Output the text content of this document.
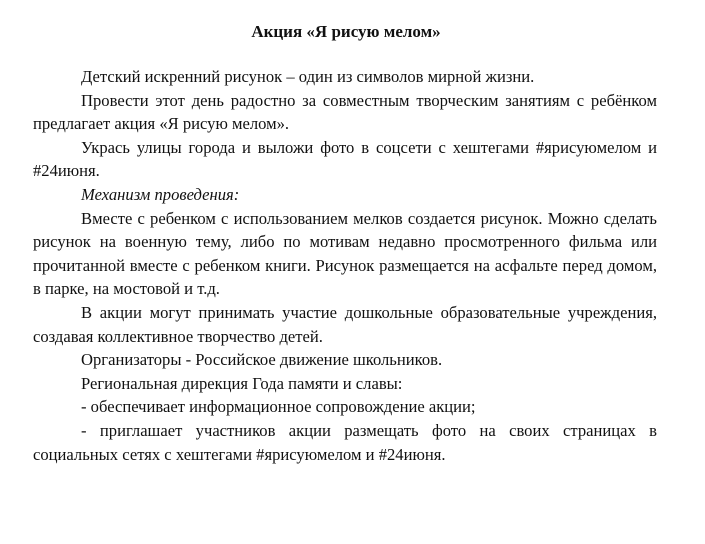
Акция «Я рисую мелом»

Детский искренний рисунок – один из символов мирной жизни.

Провести этот день радостно за совместным творческим занятиям с ребёнком предлагает акция «Я рисую мелом».

Укрась улицы города и выложи фото в соцсети с хештегами #ярисуюмелом и #24июня.

Механизм проведения:

Вместе с ребенком с использованием мелков создается рисунок. Можно сделать рисунок на военную тему, либо по мотивам недавно просмотренного фильма или прочитанной вместе с ребенком книги. Рисунок размещается на асфальте перед домом, в парке, на мостовой и т.д.

В акции могут принимать участие дошкольные образовательные учреждения, создавая коллективное творчество детей.

Организаторы - Российское движение школьников.

Региональная дирекция Года памяти и славы:

- обеспечивает информационное сопровождение акции;

- приглашает участников акции размещать фото на своих страницах в социальных сетях с хештегами #ярисуюмелом и #24июня.
